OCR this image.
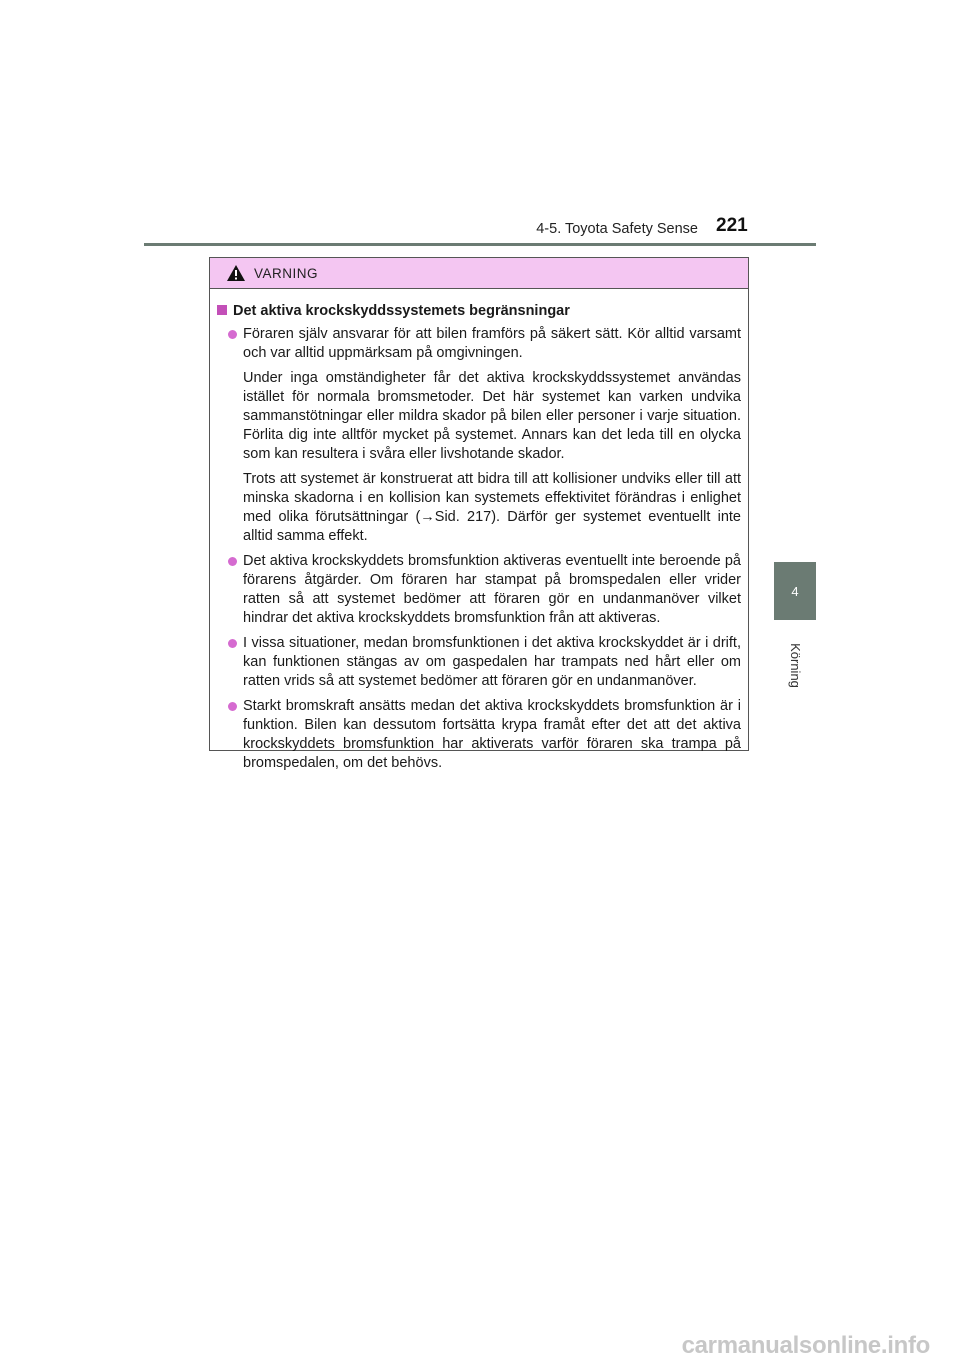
4-5. Toyota Safety Sense 221
4
Körning
VARNING
Det aktiva krockskyddssystemets begränsningar

Föraren själv ansvarar för att bilen framförs på säkert sätt. Kör alltid varsamt och var alltid uppmärksam på omgivningen.

Under inga omständigheter får det aktiva krockskyddssystemet användas istället för normala bromsmetoder. Det här systemet kan varken undvika sammanstötningar eller mildra skador på bilen eller personer i varje situation. Förlita dig inte alltför mycket på systemet. Annars kan det leda till en olycka som kan resultera i svåra eller livshotande skador.

Trots att systemet är konstruerat att bidra till att kollisioner undviks eller till att minska skadorna i en kollision kan systemets effektivitet förändras i enlighet med olika förutsättningar (→Sid. 217). Därför ger systemet eventuellt inte alltid samma effekt.

Det aktiva krockskyddets bromsfunktion aktiveras eventuellt inte beroende på förarens åtgärder. Om föraren har stampat på bromspedalen eller vrider ratten så att systemet bedömer att föraren gör en undanmanöver vilket hindrar det aktiva krockskyddets bromsfunktion från att aktiveras.

I vissa situationer, medan bromsfunktionen i det aktiva krockskyddet är i drift, kan funktionen stängas av om gaspedalen har trampats ned hårt eller om ratten vrids så att systemet bedömer att föraren gör en undanmanöver.

Starkt bromskraft ansätts medan det aktiva krockskyddets bromsfunktion är i funktion. Bilen kan dessutom fortsätta krypa framåt efter det att det aktiva krockskyddets bromsfunktion har aktiverats varför föraren ska trampa på bromspedalen, om det behövs.

carmanualsonline.info
